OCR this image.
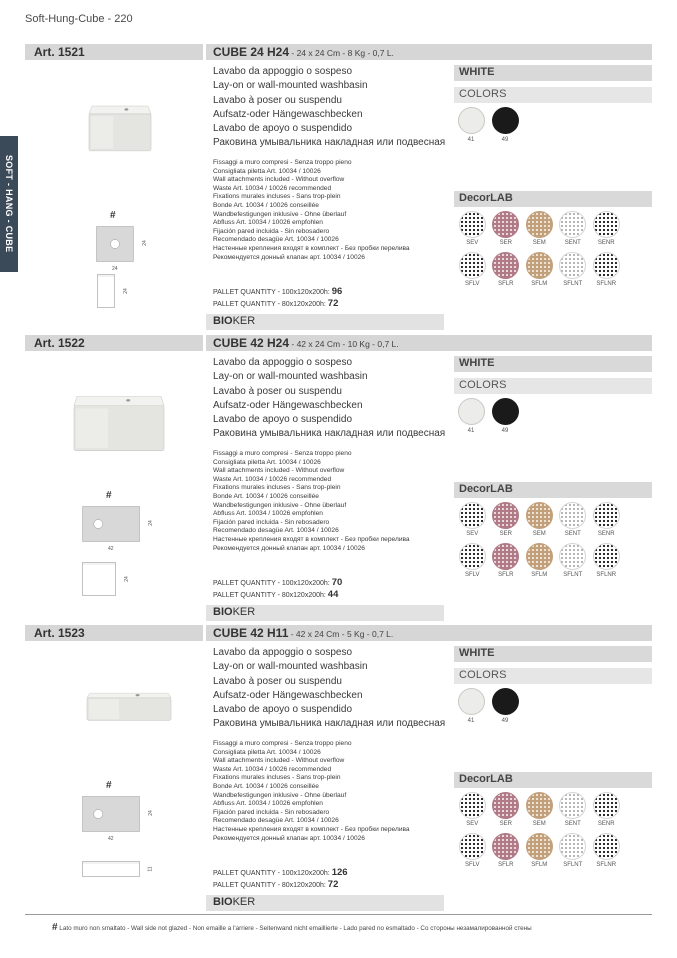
Soft-Hung-Cube - 220
SOFT - HANG - CUBE
Art. 1521	CUBE 24 H24 - 24 x 24 Cm - 8 Kg - 0,7 L.
Lavabo da appoggio o sospeso
Lay-on or wall-mounted washbasin
Lavabo à poser ou suspendu
Aufsatz-oder Hängewaschbecken
Lavabo de apoyo o suspendido
Раковина умывальника накладная или подвесная
Fissaggi a muro compresi - Senza troppo pieno
Consigliata piletta Art. 10034 / 10026
Wall attachments included - Without overflow
Waste Art. 10034 / 10026 recommended
Fixations murales incluses - Sans trop-plein
Bonde Art. 10034 / 10026 conseillée
Wandbefestigungen inklusive - Ohne überlauf
Abfluss Art. 10034 / 10026 empfohlen
Fijación pared incluida - Sin rebosadero
Recomendado desagüe Art. 10034 / 10026
Настенные крепления входят в комплект - Без пробки перелива
Рекомендуется донный клапан арт. 10034 / 10026
PALLET QUANTITY - 100x120x200h: 96
PALLET QUANTITY - 80x120x200h: 72
BIOKER
WHITE
COLORS
41	49
DecorLAB
SEV	SER	SEM	SENT	SENR
SFLV	SFLR	SFLM	SFLNT SFLNR
#
24
24
24
Art. 1522	CUBE 42 H24 - 42 x 24 Cm - 10 Kg - 0,7 L.
Lavabo da appoggio o sospeso
Lay-on or wall-mounted washbasin
Lavabo à poser ou suspendu
Aufsatz-oder Hängewaschbecken
Lavabo de apoyo o suspendido
Раковина умывальника накладная или подвесная
Fissaggi a muro compresi - Senza troppo pieno
Consigliata piletta Art. 10034 / 10026
Wall attachments included - Without overflow
Waste Art. 10034 / 10026 recommended
Fixations murales incluses - Sans trop-plein
Bonde Art. 10034 / 10026 conseillée
Wandbefestigungen inklusive - Ohne überlauf
Abfluss Art. 10034 / 10026 empfohlen
Fijación pared incluida - Sin rebosadero
Recomendado desagüe Art. 10034 / 10026
Настенные крепления входят в комплект - Без пробки перелива
Рекомендуется донный клапан арт. 10034 / 10026
PALLET QUANTITY - 100x120x200h: 70
PALLET QUANTITY - 80x120x200h: 44
BIOKER
WHITE
COLORS
41	49
DecorLAB
SEV	SER	SEM	SENT	SENR
SFLV	SFLR	SFLM	SFLNT SFLNR
#
42
24
24
Art. 1523	CUBE 42 H11 - 42 x 24 Cm - 5 Kg - 0,7 L.
Lavabo da appoggio o sospeso
Lay-on or wall-mounted washbasin
Lavabo à poser ou suspendu
Aufsatz-oder Hängewaschbecken
Lavabo de apoyo o suspendido
Раковина умывальника накладная или подвесная
Fissaggi a muro compresi - Senza troppo pieno
Consigliata piletta Art. 10034 / 10026
Wall attachments included - Without overflow
Waste Art. 10034 / 10026 recommended
Fixations murales incluses - Sans trop-plein
Bonde Art. 10034 / 10026 conseillée
Wandbefestigungen inklusive - Ohne überlauf
Abfluss Art. 10034 / 10026 empfohlen
Fijación pared incluida - Sin rebosadero
Recomendado desagüe Art. 10034 / 10026
Настенные крепления входят в комплект - Без пробки перелива
Рекомендуется донный клапан арт. 10034 / 10026
PALLET QUANTITY - 100x120x200h: 126
PALLET QUANTITY - 80x120x200h: 72
BIOKER
WHITE
COLORS
41	49
DecorLAB
SEV	SER	SEM	SENT	SENR
SFLV	SFLR	SFLM	SFLNT SFLNR
#
42
24
11
# Lato muro non smaltato - Wall side not glazed - Non emaille a l'arriere - Seitenwand nicht emaillierte - Lado pared no esmaltado - Со стороны незамалированной стены
